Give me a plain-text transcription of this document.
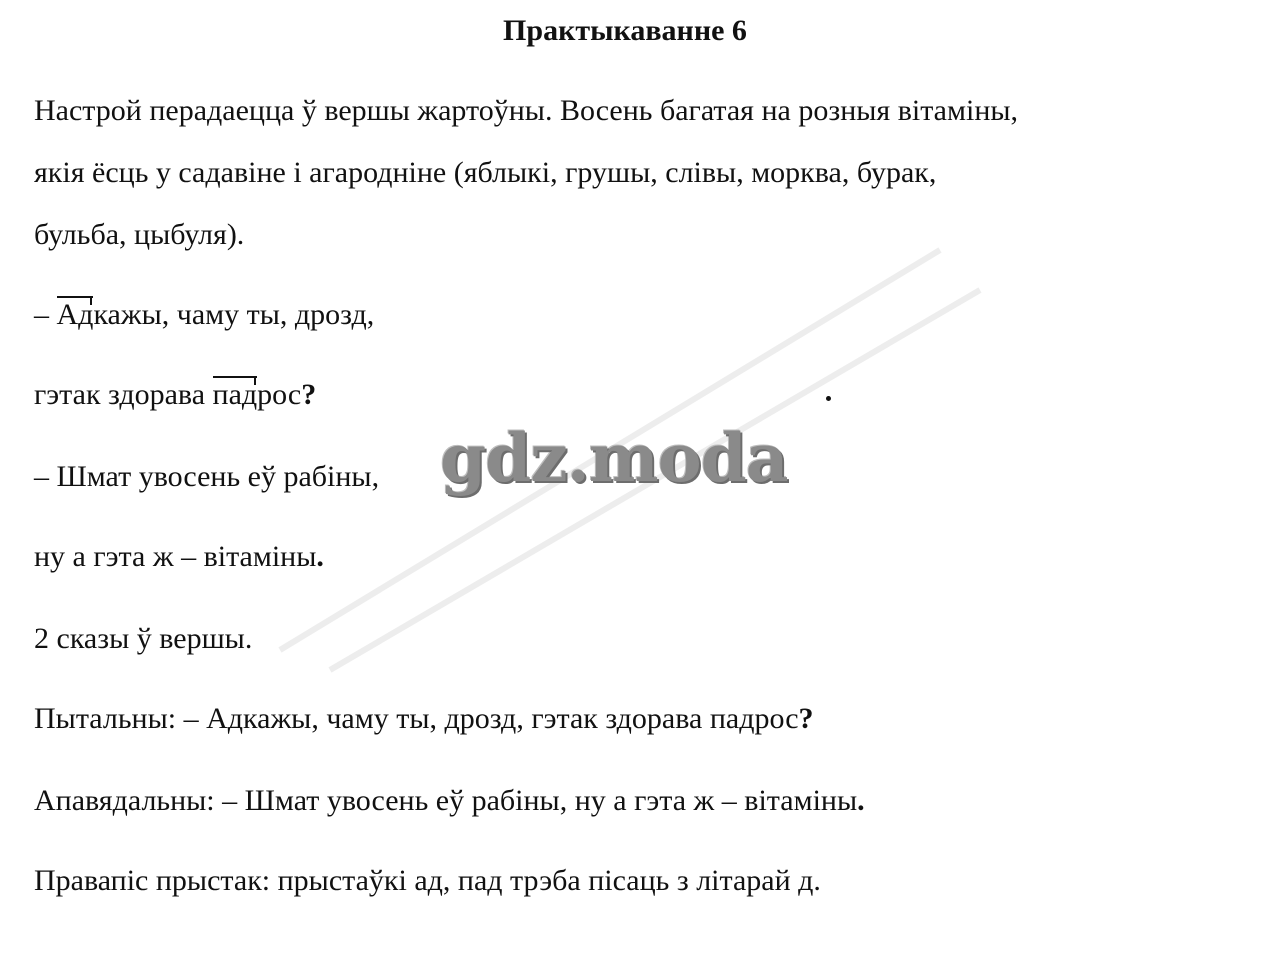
Практыкаванне 6
Настрой перадаецца ў вершы жартоўны. Восень багатая на розныя вітаміны,
якія ёсць у садавіне і агародніне (яблыкі, грушы, слівы, морква, бурак,
бульба, цыбуля).
– Адкажы, чаму ты, дрозд,
гэтак здорава падрос?
– Шмат увосень еў рабіны,
ну а гэта ж – вітаміны.
2 сказы ў вершы.
Пытальны: – Адкажы, чаму ты, дрозд, гэтак здорава падрос?
Апавядальны: – Шмат увосень еў рабіны, ну а гэта ж – вітаміны.
Правапіс прыстак: прыстаўкі ад, пад трэба пісаць з літарай д.
gdz.moda
